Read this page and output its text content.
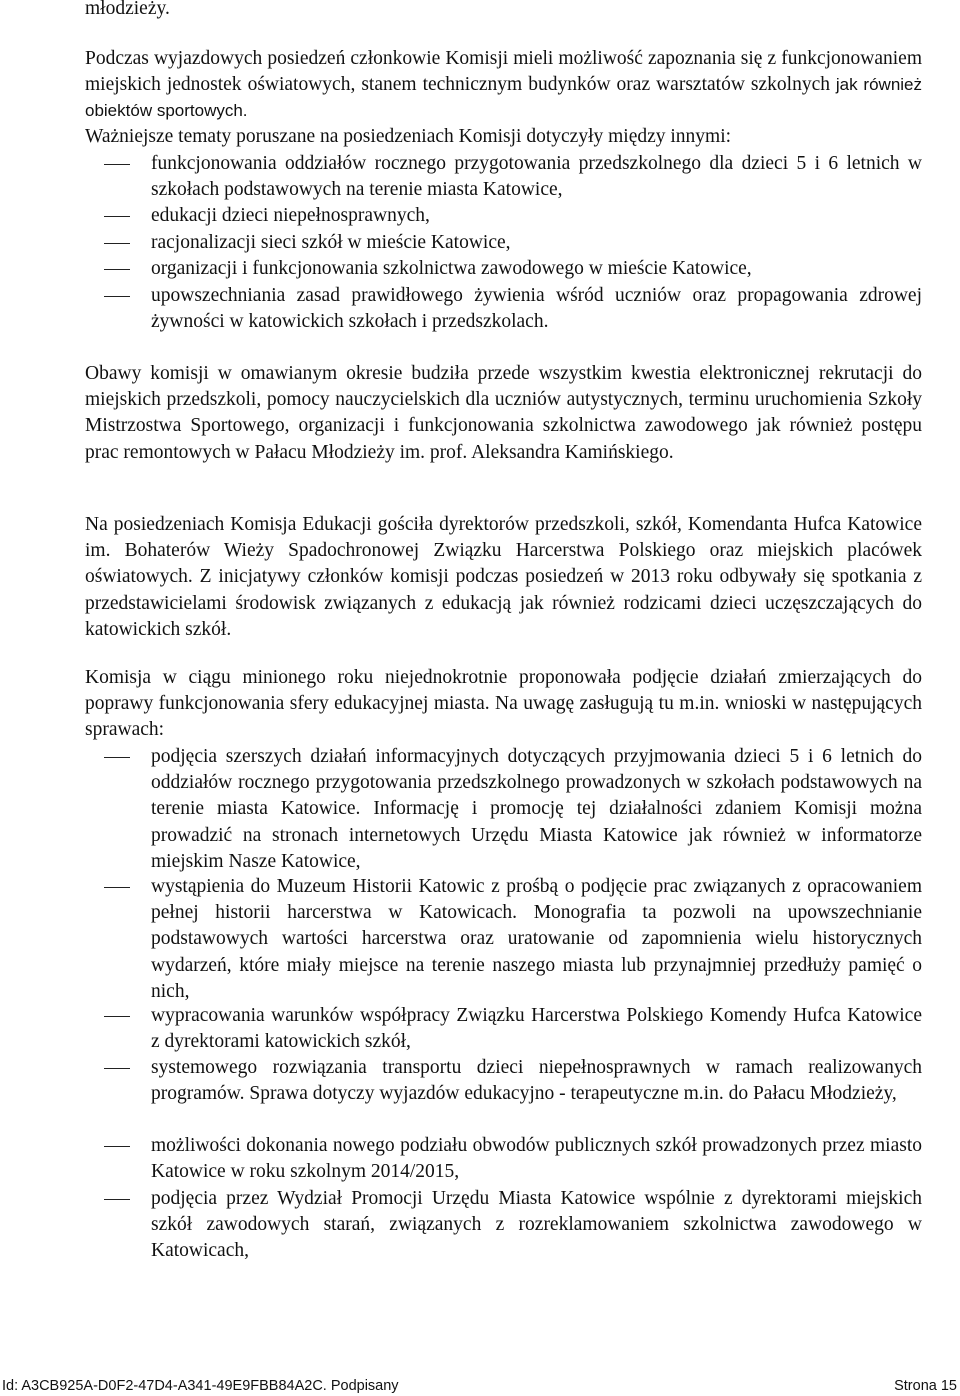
młodzieży.

Podczas wyjazdowych posiedzeń członkowie Komisji mieli możliwość zapoznania się z funkcjonowaniem miejskich jednostek oświatowych, stanem technicznym budynków oraz warsztatów szkolnych jak również obiektów sportowych.

Ważniejsze tematy poruszane na posiedzeniach Komisji dotyczyły między innymi:

funkcjonowania oddziałów rocznego przygotowania przedszkolnego dla dzieci 5 i 6 letnich w szkołach podstawowych na terenie miasta Katowice,

edukacji dzieci niepełnosprawnych,

racjonalizacji sieci szkół w mieście Katowice,

organizacji i funkcjonowania szkolnictwa zawodowego w mieście Katowice,

upowszechniania zasad prawidłowego żywienia wśród uczniów oraz propagowania zdrowej żywności w katowickich szkołach i przedszkolach.

Obawy komisji w omawianym okresie budziła przede wszystkim kwestia elektronicznej rekrutacji do miejskich przedszkoli, pomocy nauczycielskich dla uczniów autystycznych, terminu uruchomienia Szkoły Mistrzostwa Sportowego, organizacji i funkcjonowania szkolnictwa zawodowego jak również postępu prac remontowych w Pałacu Młodzieży im. prof. Aleksandra Kamińskiego.

Na posiedzeniach Komisja Edukacji gościła dyrektorów przedszkoli, szkół, Komendanta Hufca Katowice im. Bohaterów Wieży Spadochronowej Związku Harcerstwa Polskiego oraz miejskich placówek oświatowych. Z inicjatywy członków komisji podczas posiedzeń w 2013 roku odbywały się spotkania z przedstawicielami środowisk związanych z edukacją jak również rodzicami dzieci uczęszczających do katowickich szkół.

Komisja w ciągu minionego roku niejednokrotnie proponowała podjęcie działań zmierzających do poprawy funkcjonowania sfery edukacyjnej miasta. Na uwagę zasługują tu m.in. wnioski w następujących sprawach:

podjęcia szerszych działań informacyjnych dotyczących przyjmowania dzieci 5 i 6 letnich do oddziałów rocznego przygotowania przedszkolnego prowadzonych w szkołach podstawowych na terenie miasta Katowice. Informację i promocję tej działalności zdaniem Komisji można prowadzić na stronach internetowych Urzędu Miasta Katowice jak również w informatorze miejskim Nasze Katowice,

wystąpienia do Muzeum Historii Katowic z prośbą o podjęcie prac związanych z opracowaniem pełnej historii harcerstwa w Katowicach. Monografia ta pozwoli na upowszechnianie podstawowych wartości harcerstwa oraz uratowanie od zapomnienia wielu historycznych wydarzeń, które miały miejsce na terenie naszego miasta lub przynajmniej przedłuży pamięć o nich,

wypracowania warunków współpracy Związku Harcerstwa Polskiego Komendy Hufca Katowice z dyrektorami katowickich szkół,

systemowego rozwiązania transportu dzieci niepełnosprawnych w ramach realizowanych programów. Sprawa dotyczy wyjazdów edukacyjno - terapeutyczne m.in. do Pałacu Młodzieży,

możliwości dokonania nowego podziału obwodów publicznych szkół prowadzonych przez miasto Katowice w roku szkolnym 2014/2015,

podjęcia przez Wydział Promocji Urzędu Miasta Katowice wspólnie z dyrektorami miejskich szkół zawodowych starań, związanych z rozreklamowaniem szkolnictwa zawodowego w Katowicach,

Id: A3CB925A-D0F2-47D4-A341-49E9FBB84A2C. Podpisany	Strona 15
